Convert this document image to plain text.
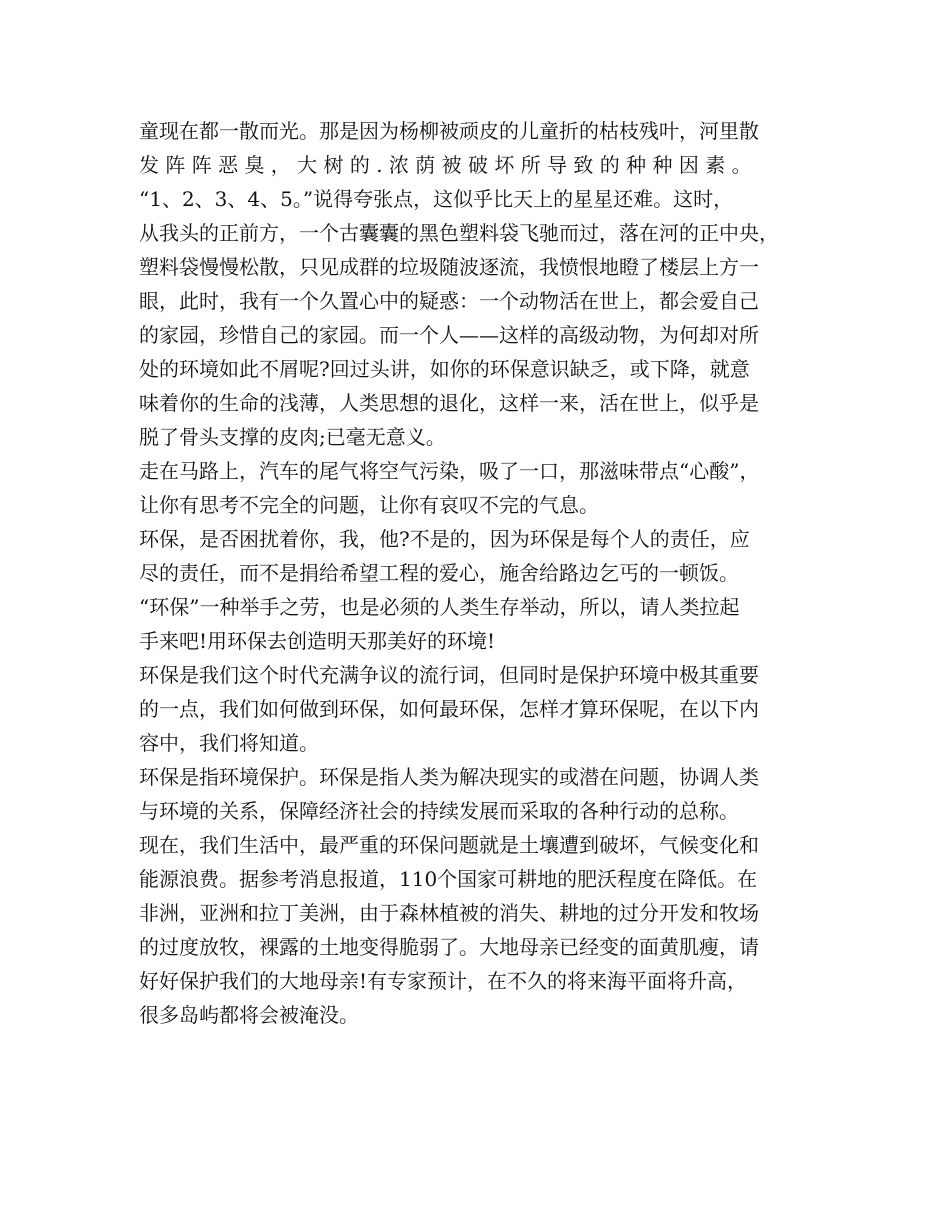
童现在都一散而光。那是因为杨柳被顽皮的儿童折的枯枝残叶，河里散
发 阵 阵 恶 臭 ， 大 树 的 . 浓 荫 被 破 坏 所 导 致 的 种 种 因 素 。
“1、2、3、4、5。”说得夸张点，这似乎比天上的星星还难。这时，
从我头的正前方，一个古囊囊的黑色塑料袋飞驰而过，落在河的正中央，
塑料袋慢慢松散，只见成群的垃圾随波逐流，我愤恨地瞪了楼层上方一
眼，此时，我有一个久置心中的疑惑：一个动物活在世上，都会爱自己
的家园，珍惜自己的家园。而一个人——这样的高级动物，为何却对所
处的环境如此不屑呢?回过头讲，如你的环保意识缺乏，或下降，就意
味着你的生命的浅薄，人类思想的退化，这样一来，活在世上，似乎是
脱了骨头支撑的皮肉;已毫无意义。
走在马路上，汽车的尾气将空气污染，吸了一口，那滋味带点“心酸”，
让你有思考不完全的问题，让你有哀叹不完的气息。
环保，是否困扰着你，我，他?不是的，因为环保是每个人的责任，应
尽的责任，而不是捐给希望工程的爱心，施舍给路边乞丐的一顿饭。
“环保”一种举手之劳，也是必须的人类生存举动，所以，请人类拉起
手来吧!用环保去创造明天那美好的环境!
环保是我们这个时代充满争议的流行词，但同时是保护环境中极其重要
的一点，我们如何做到环保，如何最环保，怎样才算环保呢，在以下内
容中，我们将知道。
环保是指环境保护。环保是指人类为解决现实的或潜在问题，协调人类
与环境的关系，保障经济社会的持续发展而采取的各种行动的总称。
现在，我们生活中，最严重的环保问题就是土壤遭到破坏，气候变化和
能源浪费。据参考消息报道，110个国家可耕地的肥沃程度在降低。在
非洲，亚洲和拉丁美洲，由于森林植被的消失、耕地的过分开发和牧场
的过度放牧，裸露的土地变得脆弱了。大地母亲已经变的面黄肌瘦，请
好好保护我们的大地母亲!有专家预计，在不久的将来海平面将升高，
很多岛屿都将会被淹没。
